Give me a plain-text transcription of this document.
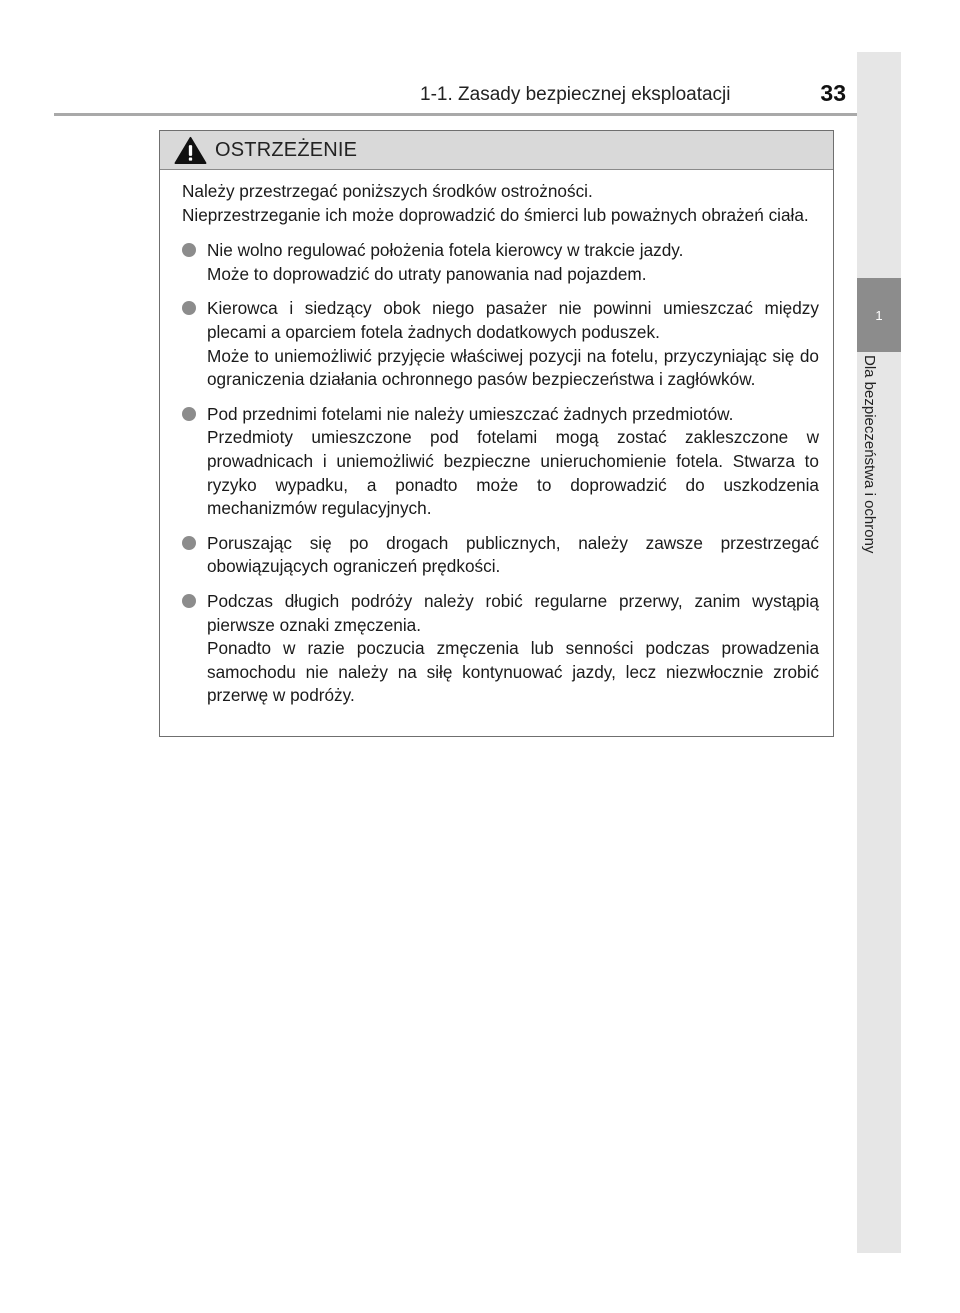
1-1. Zasady bezpiecznej eksploatacji	33
1
Dla bezpieczeństwa i ochrony
OSTRZEŻENIE

Należy przestrzegać poniższych środków ostrożności.
Nieprzestrzeganie ich może doprowadzić do śmierci lub poważnych obrażeń ciała.

Nie wolno regulować położenia fotela kierowcy w trakcie jazdy.

Może to doprowadzić do utraty panowania nad pojazdem.

Kierowca i siedzący obok niego pasażer nie powinni umieszczać między plecami a oparciem fotela żadnych dodatkowych poduszek.

Może to uniemożliwić przyjęcie właściwej pozycji na fotelu, przyczyniając się do ograniczenia działania ochronnego pasów bezpieczeństwa i zagłówków.

Pod przednimi fotelami nie należy umieszczać żadnych przedmiotów.

Przedmioty umieszczone pod fotelami mogą zostać zakleszczone w prowadnicach i uniemożliwić bezpieczne unieruchomienie fotela. Stwarza to ryzyko wypadku, a ponadto może to doprowadzić do uszkodzenia mechanizmów regulacyjnych.

Poruszając się po drogach publicznych, należy zawsze przestrzegać obowiązujących ograniczeń prędkości.

Podczas długich podróży należy robić regularne przerwy, zanim wystąpią pierwsze oznaki zmęczenia.

Ponadto w razie poczucia zmęczenia lub senności podczas prowadzenia samochodu nie należy na siłę kontynuować jazdy, lecz niezwłocznie zrobić przerwę w podróży.
